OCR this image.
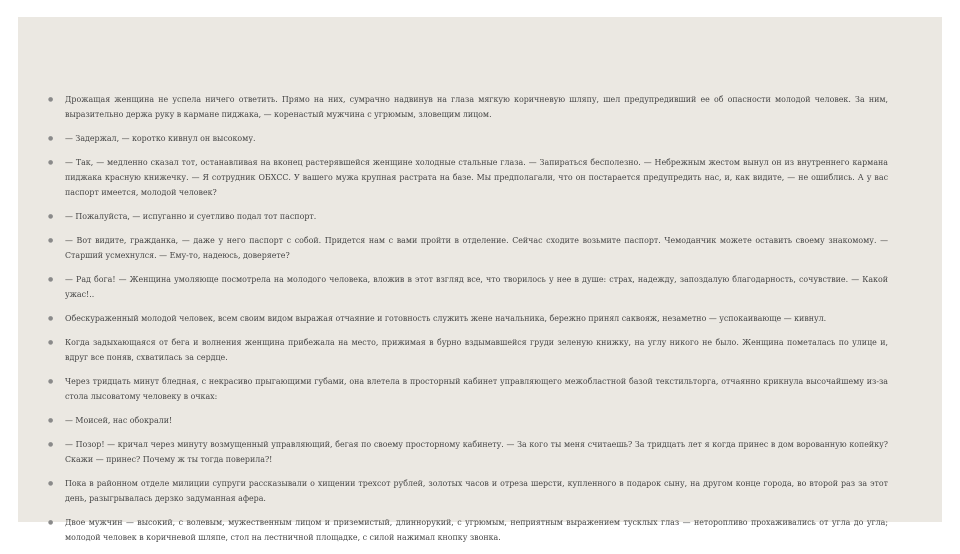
● Дрожащая женщина не успела ничего ответить. Прямо на них, сумрачно надвинув на глаза мягкую коричневую шляпу, шел предупредивший ее об опасности молодой человек. За ним, выразительно держа руку в кармане пиджака, — коренастый мужчина с угрюмым, зловещим лицом.
● — Задержал, — коротко кивнул он высокому.
● — Так, — медленно сказал тот, останавливая на вконец растерявшейся женщине холодные стальные глаза. — Запираться бесполезно. — Небрежным жестом вынул он из внутреннего кармана пиджака красную книжечку. — Я сотрудник ОБХСС. У вашего мужа крупная растрата на базе. Мы предполагали, что он постарается предупредить нас, и, как видите, — не ошиблись. А у вас паспорт имеется, молодой человек?
● — Пожалуйста, — испуганно и суетливо подал тот паспорт.
● — Вот видите, гражданка, — даже у него паспорт с собой. Придется нам с вами пройти в отделение. Сейчас сходите возьмите паспорт. Чемоданчик можете оставить своему знакомому. — Старший усмехнулся. — Ему-то, надеюсь, доверяете?
● — Рад бога! — Женщина умоляюще посмотрела на молодого человека, вложив в этот взгляд все, что творилось у нее в душе: страх, надежду, запоздалую благодарность, сочувствие. — Какой ужас!..
● Обескураженный молодой человек, всем своим видом выражая отчаяние и готовность служить жене начальника, бережно принял саквояж, незаметно — успокаивающе — кивнул.
● Когда задыхающаяся от бега и волнения женщина прибежала на место, прижимая в бурно вздымавшейся груди зеленую книжку, на углу никого не было. Женщина пометалась по улице и, вдруг все поняв, схватилась за сердце.
● Через тридцать минут бледная, с некрасиво прыгающими губами, она влетела в просторный кабинет управляющего межобластной базой текстильторга, отчаянно крикнула высочайшему из-за стола лысоватому человеку в очках:
● — Моисей, нас обокрали!
● — Позор! — кричал через минуту возмущенный управляющий, бегая по своему просторному кабинету. — За кого ты меня считаешь? За тридцать лет я когда принес в дом ворованную копейку? Скажи — принес? Почему ж ты тогда поверила?!
● Пока в районном отделе милиции супруги рассказывали о хищении трехсот рублей, золотых часов и отреза шерсти, купленного в подарок сыну, на другом конце города, во второй раз за этот день, разыгрывалась дерзко задуманная афера.
● Двое мужчин — высокий, с волевым, мужественным лицом и приземистый, длиннорукий, с угрюмым, неприятным выражением тусклых глаз — неторопливо прохаживались от угла до угла; молодой человек в коричневой шляпе, стол на лестничной площадке, с силой нажимал кнопку звонка.
